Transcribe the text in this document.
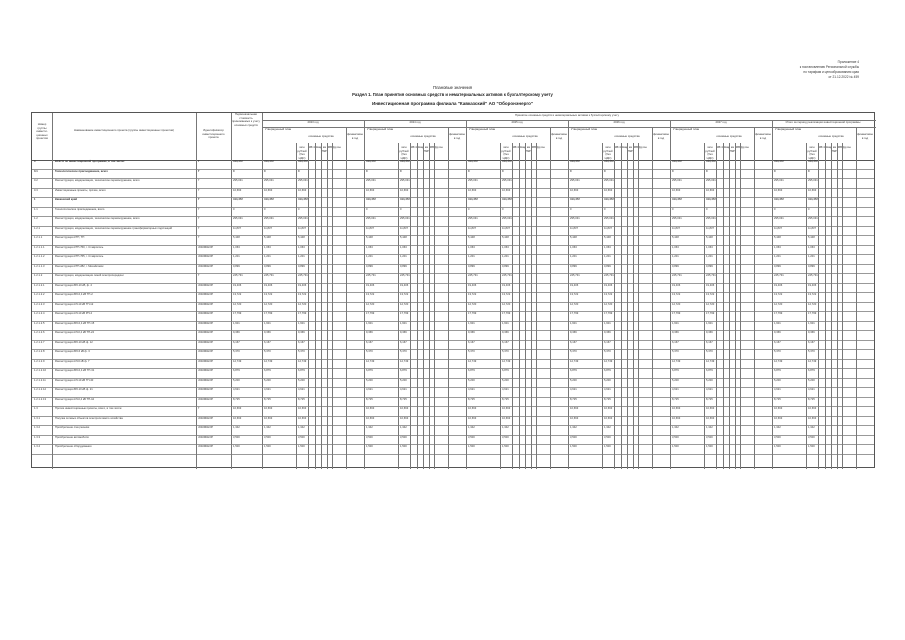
Приложение 4
к постановлению Региональной службы
по тарифам и ценообразованию края
от 21.12.2022 № 459
Плановые значения
Раздел 1. План принятия основных средств и нематериальных активов к бухгалтерскому учету
Инвестиционная программа филиала "Кавказский" АО "Оборонэнерго"
Номер группы инвести-ционных проектов
Наименование инвестиционного проекта (группы инвестиционных проектов)	Идентификатор инвестиционного проекта
Первоначальная стоимость принимаемых к учету основных средств
Принятие основных средств и нематериальных активов к бухгалтерскому учету
2023 год
Утвержденный план
основные средства	финансовое в год
млн рублей (без НДС)
МВ×А Мвар км ЛЭП
МВт
Другое
2024 год
Утвержденный план
основные средства	финансовое в год
млн рублей (без НДС)
МВ×А Мвар км ЛЭП
МВт
Другое
2025 год
Утвержденный план
основные средства	финансовое в год
млн рублей (без НДС)
МВ×А Мвар км ЛЭП
МВт
Другое
2026 год
Утвержденный план
основные средства	финансовое в год
млн рублей (без НДС)
МВ×А Мвар км ЛЭП
МВт
Другое
2027 год
Утвержденный план
основные средства	финансовое в год
млн рублей (без НДС)
МВ×А Мвар км ЛЭП
МВт
Другое
Итого за период реализации инвестиционной программы
Утвержденный план
основные средства	финансовое в год
млн рублей (без НДС)
МВ×А Мвар км ЛЭП
МВт
Другое
0	ВСЕГО по инвестиционной программе, в том числе:	Г	414,472	414,472	414,472	414,472	414,472	414,472	414,472	414,472	414,472	414,472	414,472	414,472	414,472
0.1	Технологическое присоединение, всего	Г	0	0	0	0	0	0	0	0	0	0	0	0	0
0.2	Реконструкция, модернизация, техническое перевооружение, всего	Г	295,031	295,031	295,031	295,031	295,031	295,031	295,031	295,031	295,031	295,031	295,031	295,031	295,031
0.3	Инвестиционные проекты, прочие, всего	Г	10,663	10,663	10,663	10,663	10,663	10,663	10,663	10,663	10,663	10,663	10,663	10,663	10,663
1	Кавказский край	Г	414,472	414,472	414,472	414,472	414,472	414,472	414,472	414,472	414,472	414,472	414,472	414,472	414,472
1.1	Технологическое присоединение, всего	Г	0	0	0	0	0	0	0	0	0	0	0	0	0
1.2	Реконструкция, модернизация, техническое перевооружение, всего	Г	295,031	295,031	295,031	295,031	295,031	295,031	295,031	295,031	295,031	295,031	295,031	295,031	295,031
1.2.1	Реконструкция, модернизация, техническое перевооружение трансформаторных подстанций	Г	11,837	11,837	11,837	11,837	11,837	11,837	11,837	11,837	11,837	11,837	11,837	11,837	11,837
1.2.1.1	Реконструкция КТП, ТП	Г	5,448	5,448	5,448	5,448	5,448	5,448	5,448	5,448	5,448	5,448	5,448	5,448	5,448
1.2.1.1.1	Реконструкция КТП-760, г. Ставрополь	J0409DHOP	1,063	1,063	1,063	1,063	1,063	1,063	1,063	1,063	1,063	1,063	1,063	1,063	1,063
1.2.1.1.2	Реконструкция КТП-765, г. Ставрополь	J0409DHOP	1,201	1,201	1,201	1,201	1,201	1,201	1,201	1,201	1,201	1,201	1,201	1,201	1,201
1.2.1.1.3	Реконструкция КТП-282, г. Михайловск	J0409DHOP	0,899	0,899	0,899	0,899	0,899	0,899	0,899	0,899	0,899	0,899	0,899	0,899	0,899
1.2.1.2	Реконструкция, модернизация линий электропередачи	Г	245,731	245,731	245,731	245,731	245,731	245,731	245,731	245,731	245,731	245,731	245,731	245,731	245,731
1.2.1.2.1	Реконструкция ВЛ-10 кВ, ф. 2	J0409DHOP	19,406	19,406	19,406	19,406	19,406	19,406	19,406	19,406	19,406	19,406	19,406	19,406	19,406
1.2.1.2.2	Реконструкция ВЛ-0,4 кВ ТП-2	J0409DHOP	13,722	13,722	13,722	13,722	13,722	13,722	13,722	13,722	13,722	13,722	13,722	13,722	13,722
1.2.1.2.3	Реконструкция КЛ-10 кВ ТП-12	J0409DHOP	12,720	12,720	12,720	12,720	12,720	12,720	12,720	12,720	12,720	12,720	12,720	12,720	12,720
1.2.1.2.4	Реконструкция КЛ-10 кВ РП-4	J0409DHOP	17,799	17,799	17,799	17,799	17,799	17,799	17,799	17,799	17,799	17,799	17,799	17,799	17,799
1.2.1.2.5	Реконструкция ВЛ-0,4 кВ ТП-15	J0409DHOP	1,601	1,601	1,601	1,601	1,601	1,601	1,601	1,601	1,601	1,601	1,601	1,601	1,601
1.2.1.2.6	Реконструкция КЛ-0,4 кВ ТП-24	J0409DHOP	9,366	9,366	9,366	9,366	9,366	9,366	9,366	9,366	9,366	9,366	9,366	9,366	9,366
1.2.1.2.7	Реконструкция ВЛ-10 кВ ф. 12	J0409DHOP	6,167	6,167	6,167	6,167	6,167	6,167	6,167	6,167	6,167	6,167	6,167	6,167	6,167
1.2.1.2.8	Реконструкция ВЛ-6 кВ ф. 3	J0409DHOP	5,370	5,370	5,370	5,370	5,370	5,370	5,370	5,370	5,370	5,370	5,370	5,370	5,370
1.2.1.2.9	Реконструкция КЛ-6 кВ ф. 7	J0409DHOP	12,749	12,749	12,749	12,749	12,749	12,749	12,749	12,749	12,749	12,749	12,749	12,749	12,749
1.2.1.2.10	Реконструкция ВЛ-0,4 кВ ТП-31	J0409DHOP	6,879	6,879	6,879	6,879	6,879	6,879	6,879	6,879	6,879	6,879	6,879	6,879	6,879
1.2.1.2.11	Реконструкция КЛ-10 кВ ТП-40	J0409DHOP	5,200	5,200	5,200	5,200	5,200	5,200	5,200	5,200	5,200	5,200	5,200	5,200	5,200
1.2.1.2.12	Реконструкция ВЛ-10 кВ ф. 21	J0409DHOP	4,621	4,621	4,621	4,621	4,621	4,621	4,621	4,621	4,621	4,621	4,621	4,621	4,621
1.2.1.2.13	Реконструкция КЛ-0,4 кВ ТП-44	J0409DHOP	8,725	8,725	8,725	8,725	8,725	8,725	8,725	8,725	8,725	8,725	8,725	8,725	8,725
1.3	Прочие инвестиционные проекты, всего, в том числе:	Г	10,663	10,663	10,663	10,663	10,663	10,663	10,663	10,663	10,663	10,663	10,663	10,663	10,663
1.3.1	Покупка сетевых объектов электросетевого хозяйства	J0409DHOP	10,663	10,663	10,663	10,663	10,663	10,663	10,663	10,663	10,663	10,663	10,663	10,663	10,663
1.3.2	Приобретение спецтехники	J0409DHOP	1,342	1,342	1,342	1,342	1,342	1,342	1,342	1,342	1,342	1,342	1,342	1,342	1,342
1.3.3	Приобретение автомобиля	J0409DHOP	3,500	3,500	3,500	3,500	3,500	3,500	3,500	3,500	3,500	3,500	3,500	3,500	3,500
1.3.4	Приобретение оборудования	J0409DHOP	1,500	1,500	1,500	1,500	1,500	1,500	1,500	1,500	1,500	1,500	1,500	1,500	1,500
